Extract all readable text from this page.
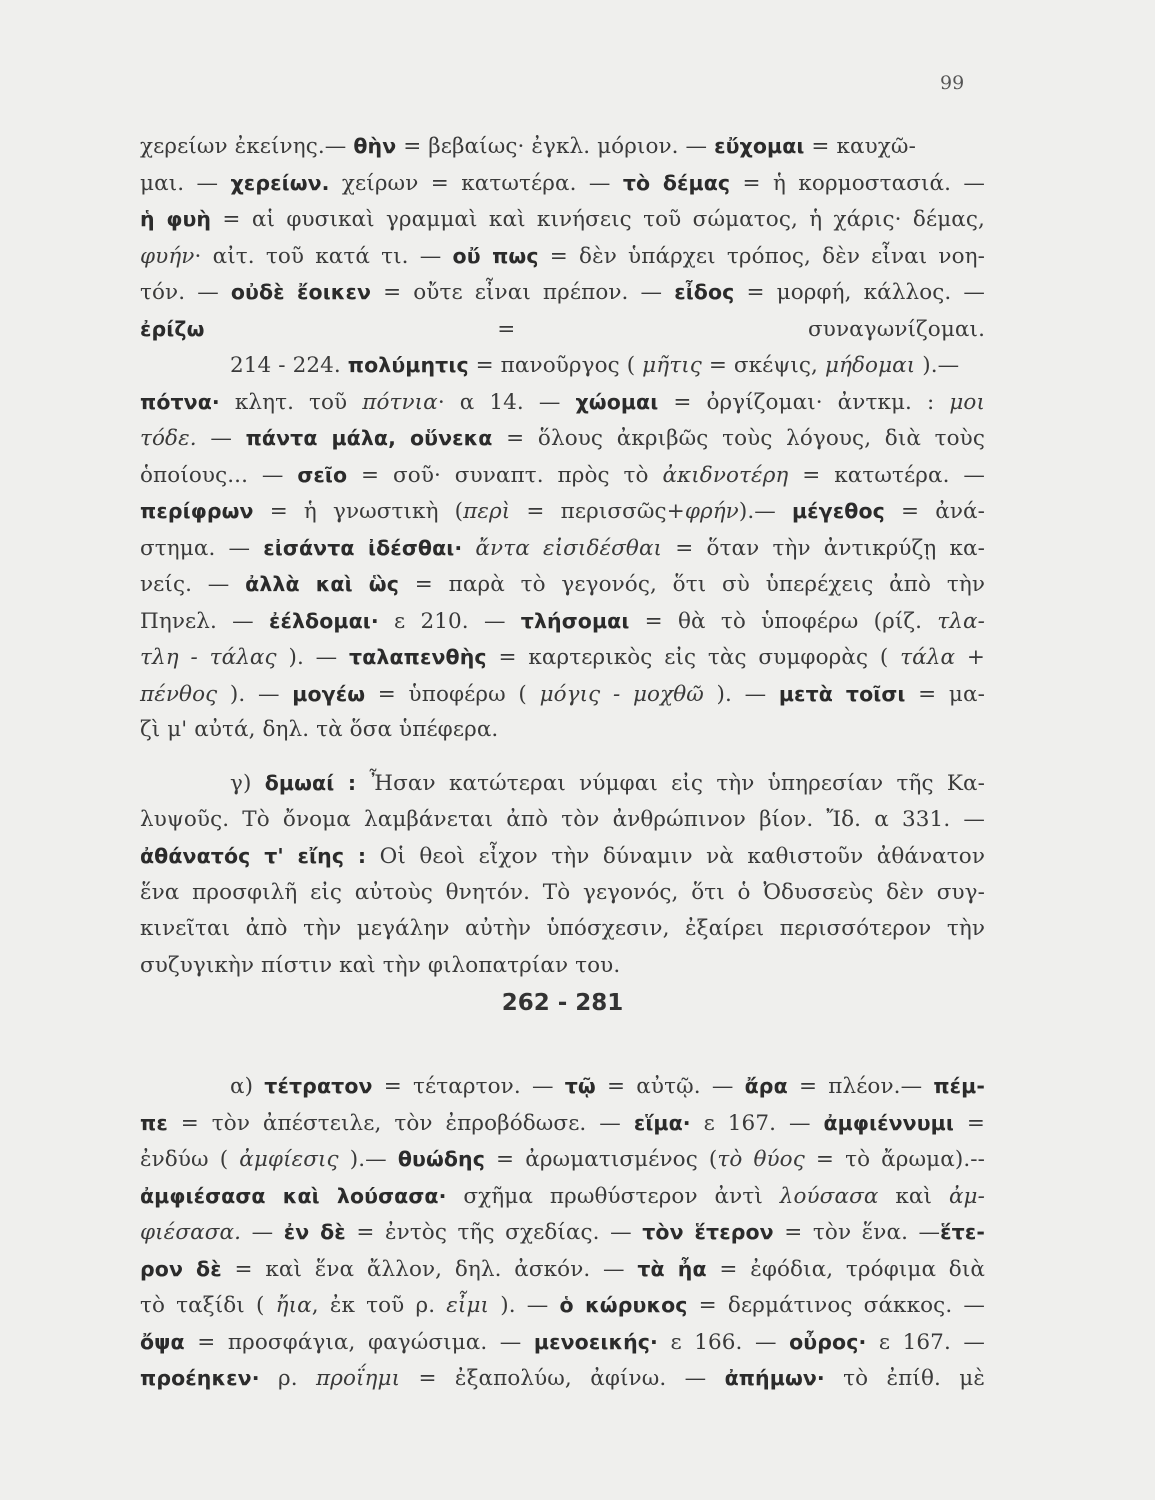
99
χερείων ἐκείνης.— θὴν = βεβαίως· ἐγκλ. μόριον. — εὔχομαι = καυχῶ-
μαι. — χερείων. χείρων = κατωτέρα. — τὸ δέμας = ἡ κορμοστασιά. —
ἡ φυὴ = αἱ φυσικαὶ γραμμαὶ καὶ κινήσεις τοῦ σώματος, ἡ χάρις· δέμας,
φυήν· αἰτ. τοῦ κατά τι. — οὔ πως = δὲν ὑπάρχει τρόπος, δὲν εἶναι νοη-
τόν. — οὐδὲ ἔοικεν = οὔτε εἶναι πρέπον. — εἶδος = μορφή, κάλλος. —
ἐρίζω = συναγωνίζομαι.
214 - 224. πολύμητις = πανοῦργος ( μῆτις = σκέψις, μήδομαι ).—
πότνα· κλητ. τοῦ πότνια· α 14. — χώομαι = ὀργίζομαι· ἀντκμ. : μοι
τόδε. — πάντα μάλα, οὕνεκα = ὅλους ἀκριβῶς τοὺς λόγους, διὰ τοὺς
ὁποίους... — σεῖο = σοῦ· συναπτ. πρὸς τὸ ἀκιδνοτέρη = κατωτέρα. —
περίφρων = ἡ γνωστικὴ (περὶ = περισσῶς+φρήν).— μέγεθος = ἀνά-
στημα. — εἰσάντα ἰδέσθαι· ἄντα εἰσιδέσθαι = ὅταν τὴν ἀντικρύζῃ κα-
νείς. — ἀλλὰ καὶ ὣς = παρὰ τὸ γεγονός, ὅτι σὺ ὑπερέχεις ἀπὸ τὴν
Πηνελ. — ἐέλδομαι· ε 210. — τλήσομαι = θὰ τὸ ὑποφέρω (ρίζ. τλα-
τλη - τάλας ). — ταλαπενθὴς = καρτερικὸς εἰς τὰς συμφορὰς ( τάλα +
πένθος ). — μογέω = ὑποφέρω ( μόγις - μοχθῶ ). — μετὰ τοῖσι = μα-
ζὶ μ' αὐτά, δηλ. τὰ ὅσα ὑπέφερα.
γ) δμωαί : Ἦσαν κατώτεραι νύμφαι εἰς τὴν ὑπηρεσίαν τῆς Κα-
λυψοῦς. Τὸ ὄνομα λαμβάνεται ἀπὸ τὸν ἀνθρώπινον βίον. Ἴδ. α 331. —
ἀθάνατός τ' εἴης : Οἱ θεοὶ εἶχον τὴν δύναμιν νὰ καθιστοῦν ἀθάνατον
ἕνα προσφιλῆ εἰς αὐτοὺς θνητόν. Τὸ γεγονός, ὅτι ὁ Ὀδυσσεὺς δὲν συγ-
κινεῖται ἀπὸ τὴν μεγάλην αὐτὴν ὑπόσχεσιν, ἐξαίρει περισσότερον τὴν
συζυγικὴν πίστιν καὶ τὴν φιλοπατρίαν του.
262 - 281
α) τέτρατον = τέταρτον. — τῷ = αὐτῷ. — ἄρα = πλέον.— πέμ-
πε = τὸν ἀπέστειλε, τὸν ἐπροβόδωσε. — εἵμα· ε 167. — ἀμφιέννυμι =
ἐνδύω ( ἀμφίεσις ).— θυώδης = ἀρωματισμένος (τὸ θύος = τὸ ἄρωμα).--
ἀμφιέσασα καὶ λούσασα· σχῆμα πρωθύστερον ἀντὶ λούσασα καὶ ἀμ-
φιέσασα. — ἐν δὲ = ἐντὸς τῆς σχεδίας. — τὸν ἕτερον = τὸν ἕνα. —ἕτε-
ρον δὲ = καὶ ἕνα ἄλλον, δηλ. ἀσκόν. — τὰ ἦα = ἐφόδια, τρόφιμα διὰ
τὸ ταξίδι ( ἤια, ἐκ τοῦ ρ. εἶμι ). — ὁ κώρυκος = δερμάτινος σάκκος. —
ὄψα = προσφάγια, φαγώσιμα. — μενοεικής· ε 166. — οὖρος· ε 167. —
προέηκεν· ρ. προΐημι = ἐξαπολύω, ἀφίνω. — ἀπήμων· τὸ ἐπίθ. μὲ
